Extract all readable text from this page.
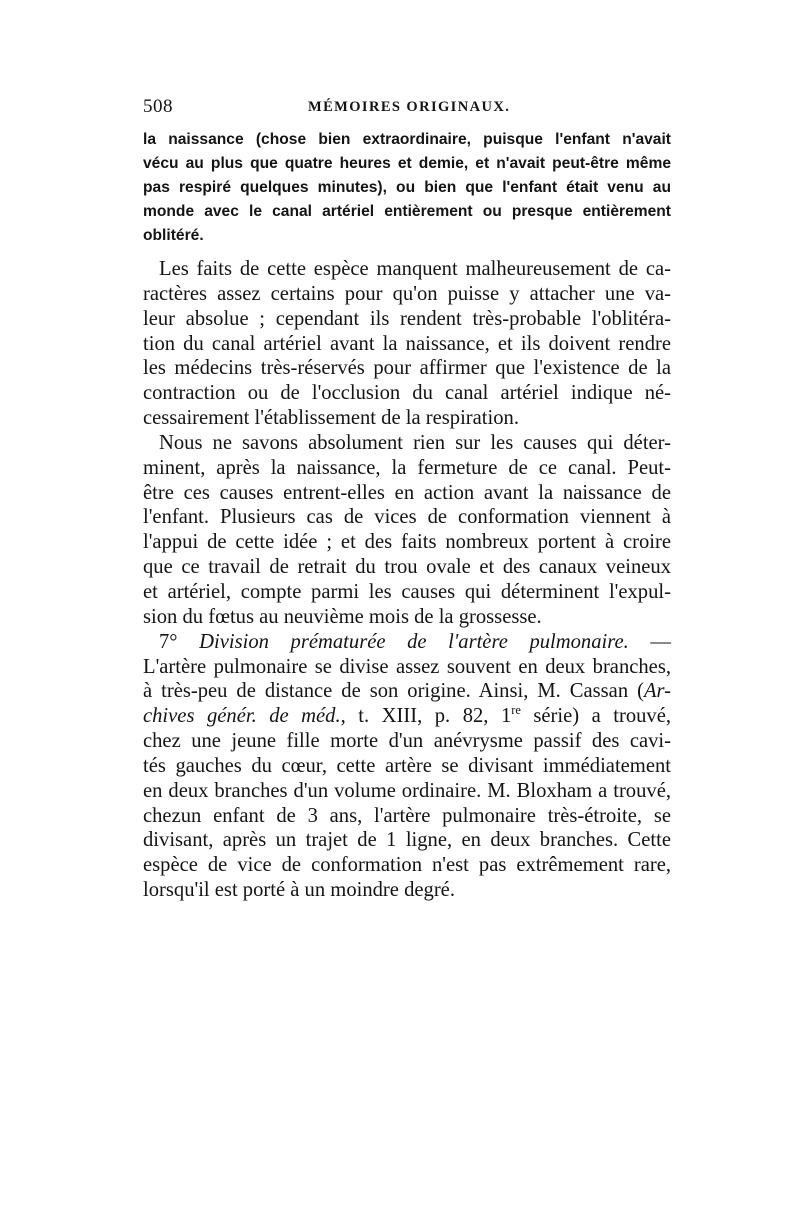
508	MÉMOIRES ORIGINAUX.
la naissance (chose bien extraordinaire, puisque l'enfant n'avait
vécu au plus que quatre heures et demie, et n'avait peut-être même
pas respiré quelques minutes), ou bien que l'enfant était venu au
monde avec le canal artériel entièrement ou presque entièrement
oblitéré.
Les faits de cette espèce manquent malheureusement de ca-
ractères assez certains pour qu'on puisse y attacher une va-
leur absolue ; cependant ils rendent très-probable l'oblitéra-
tion du canal artériel avant la naissance, et ils doivent rendre
les médecins très-réservés pour affirmer que l'existence de la
contraction ou de l'occlusion du canal artériel indique né-
cessairement l'établissement de la respiration.
Nous ne savons absolument rien sur les causes qui déter-
minent, après la naissance, la fermeture de ce canal. Peut-
être ces causes entrent-elles en action avant la naissance de
l'enfant. Plusieurs cas de vices de conformation viennent à
l'appui de cette idée ; et des faits nombreux portent à croire
que ce travail de retrait du trou ovale et des canaux veineux
et artériel, compte parmi les causes qui déterminent l'expul-
sion du fœtus au neuvième mois de la grossesse.
7° Division prématurée de l'artère pulmonaire. —
L'artère pulmonaire se divise assez souvent en deux branches,
à très-peu de distance de son origine. Ainsi, M. Cassan (Ar-
chives génér. de méd., t. XIII, p. 82, 1re série) a trouvé,
chez une jeune fille morte d'un anévrysme passif des cavi-
tés gauches du cœur, cette artère se divisant immédiatement
en deux branches d'un volume ordinaire. M. Bloxham a trouvé,
chezun enfant de 3 ans, l'artère pulmonaire très-étroite, se
divisant, après un trajet de 1 ligne, en deux branches. Cette
espèce de vice de conformation n'est pas extrêmement rare,
lorsqu'il est porté à un moindre degré.
